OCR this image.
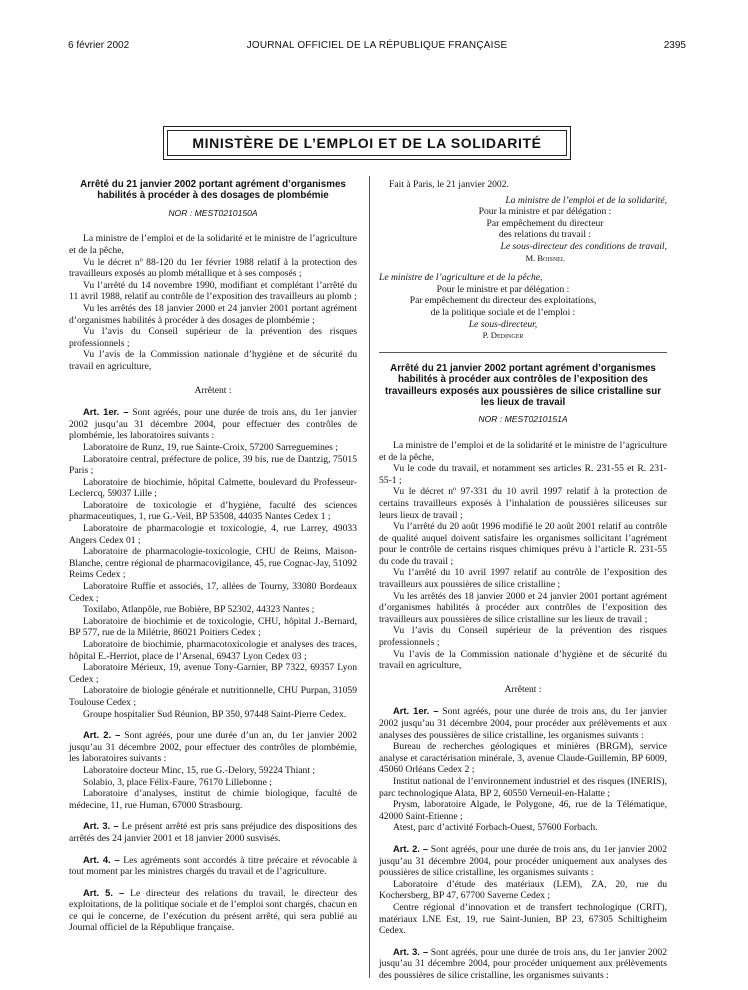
6 février 2002	JOURNAL OFFICIEL DE LA RÉPUBLIQUE FRANÇAISE	2395
MINISTÈRE DE L’EMPLOI ET DE LA SOLIDARITÉ

Arrêté du 21 janvier 2002 portant agrément d’organismes habilités à procéder à des dosages de plombémie

NOR : MESТ0210150A

La ministre de l’emploi et de la solidarité et le ministre de l’agriculture et de la pêche,

Vu le décret nº 88-120 du 1er février 1988 relatif à la protection des travailleurs exposés au plomb métallique et à ses composés ;

Vu l’arrêté du 14 novembre 1990, modifiant et complétant l’arrêté du 11 avril 1988, relatif au contrôle de l’exposition des travailleurs au plomb ;

Vu les arrêtés des 18 janvier 2000 et 24 janvier 2001 portant agrément d’organismes habilités à procéder à des dosages de plombémie ;

Vu l’avis du Conseil supérieur de la prévention des risques professionnels ;

Vu l’avis de la Commission nationale d’hygiène et de sécurité du travail en agriculture,

Arrêtent :

Art. 1er. – Sont agréés, pour une durée de trois ans, du 1er janvier 2002 jusqu’au 31 décembre 2004, pour effectuer des contrôles de plombémie, les laboratoires suivants :

Laboratoire de Runz, 19, rue Sainte-Croix, 57200 Sarreguemines ;

Laboratoire central, préfecture de police, 39 bis, rue de Dantzig, 75015 Paris ;

Laboratoire de biochimie, hôpital Calmette, boulevard du Professeur-Leclercq, 59037 Lille ;

Laboratoire de toxicologie et d’hygiène, faculté des sciences pharmaceutiques, 1, rue G.-Veil, BP 53508, 44035 Nantes Cedex 1 ;

Laboratoire de pharmacologie et toxicologie, 4, rue Larrey, 49033 Angers Cedex 01 ;

Laboratoire de pharmacologie-toxicologie, CHU de Reims, Maison-Blanche, centre régional de pharmacovigilance, 45, rue Cognac-Jay, 51092 Reims Cedex ;

Laboratoire Ruffie et associés, 17, allées de Tourny, 33080 Bordeaux Cedex ;

Toxilabo, Atlanpôle, rue Bobière, BP 52302, 44323 Nantes ;

Laboratoire de biochimie et de toxicologie, CHU, hôpital J.-Bernard, BP 577, rue de la Milétrie, 86021 Poitiers Cedex ;

Laboratoire de biochimie, pharmacotoxicologie et analyses des traces, hôpital E.-Herriot, place de l’Arsenal, 69437 Lyon Cedex 03 ;

Laboratoire Mérieux, 19, avenue Tony-Garnier, BP 7322, 69357 Lyon Cedex ;

Laboratoire de biologie générale et nutritionnelle, CHU Purpan, 31059 Toulouse Cedex ;

Groupe hospitalier Sud Réunion, BP 350, 97448 Saint-Pierre Cedex.

Art. 2. – Sont agréés, pour une durée d’un an, du 1er janvier 2002 jusqu’au 31 décembre 2002, pour effectuer des contrôles de plombémie, les laboratoires suivants :

Laboratoire docteur Minc, 15, rue G.-Delory, 59224 Thiant ;

Solabio, 3, place Félix-Faure, 76170 Lillebonne ;

Laboratoire d’analyses, institut de chimie biologique, faculté de médecine, 11, rue Human, 67000 Strasbourg.

Art. 3. – Le présent arrêté est pris sans préjudice des dispositions des arrêtés des 24 janvier 2001 et 18 janvier 2000 susvisés.

Art. 4. – Les agréments sont accordés à titre précaire et révocable à tout moment par les ministres chargés du travail et de l’agriculture.

Art. 5. – Le directeur des relations du travail, le directeur des exploitations, de la politique sociale et de l’emploi sont chargés, chacun en ce qui le concerne, de l’exécution du présent arrêté, qui sera publié au Journal officiel de la République française.

Fait à Paris, le 21 janvier 2002.

La ministre de l’emploi et de la solidarité,

Pour la ministre et par délégation :

Par empêchement du directeur

des relations du travail :

Le sous-directeur des conditions de travail,

M. Boisnel

Le ministre de l’agriculture et de la pêche,

Pour le ministre et par délégation :

Par empêchement du directeur des exploitations,

de la politique sociale et de l’emploi :

Le sous-directeur,

P. Dedinger

Arrêté du 21 janvier 2002 portant agrément d’organismes habilités à procéder aux contrôles de l’exposition des travailleurs exposés aux poussières de silice cristalline sur les lieux de travail

NOR : MEST0210151A

La ministre de l’emploi et de la solidarité et le ministre de l’agriculture et de la pêche,

Vu le code du travail, et notamment ses articles R. 231-55 et R. 231-55-1 ;

Vu le décret nº 97-331 du 10 avril 1997 relatif à la protection de certains travailleurs exposés à l’inhalation de poussières siliceuses sur leurs lieux de travail ;

Vu l’arrêté du 20 août 1996 modifié le 20 août 2001 relatif au contrôle de qualité auquel doivent satisfaire les organismes sollicitant l’agrément pour le contrôle de certains risques chimiques prévu à l’article R. 231-55 du code du travail ;

Vu l’arrêté du 10 avril 1997 relatif au contrôle de l’exposition des travailleurs aux poussières de silice cristalline ;

Vu les arrêtés des 18 janvier 2000 et 24 janvier 2001 portant agrément d’organismes habilités à procéder aux contrôles de l’exposition des travailleurs aux poussières de silice cristalline sur les lieux de travail ;

Vu l’avis du Conseil supérieur de la prévention des risques professionnels ;

Vu l’avis de la Commission nationale d’hygiène et de sécurité du travail en agriculture,

Arrêtent :

Art. 1er. – Sont agréés, pour une durée de trois ans, du 1er janvier 2002 jusqu’au 31 décembre 2004, pour procéder aux prélèvements et aux analyses des poussières de silice cristalline, les organismes suivants :

Bureau de recherches géologiques et minières (BRGM), service analyse et caractérisation minérale, 3, avenue Claude-Guillemin, BP 6009, 45060 Orléans Cedex 2 ;

Institut national de l’environnement industriel et des risques (INERIS), parc technologique Alata, BP 2, 60550 Verneuil-en-Halatte ;

Prysm, laboratoire Algade, le Polygone, 46, rue de la Télématique, 42000 Saint-Etienne ;

Atest, parc d’activité Forbach-Ouest, 57600 Forbach.

Art. 2. – Sont agréés, pour une durée de trois ans, du 1er janvier 2002 jusqu’au 31 décembre 2004, pour procéder uniquement aux analyses des poussières de silice cristalline, les organismes suivants :

Laboratoire d’étude des matériaux (LEM), ZA, 20, rue du Kochersberg, BP 47, 67700 Saverne Cedex ;

Centre régional d’innovation et de transfert technologique (CRIT), matériaux LNE Est, 19, rue Saint-Junien, BP 23, 67305 Schiltigheim Cedex.

Art. 3. – Sont agréés, pour une durée de trois ans, du 1er janvier 2002 jusqu’au 31 décembre 2004, pour procéder uniquement aux prélèvements des poussières de silice cristalline, les organismes suivants :
